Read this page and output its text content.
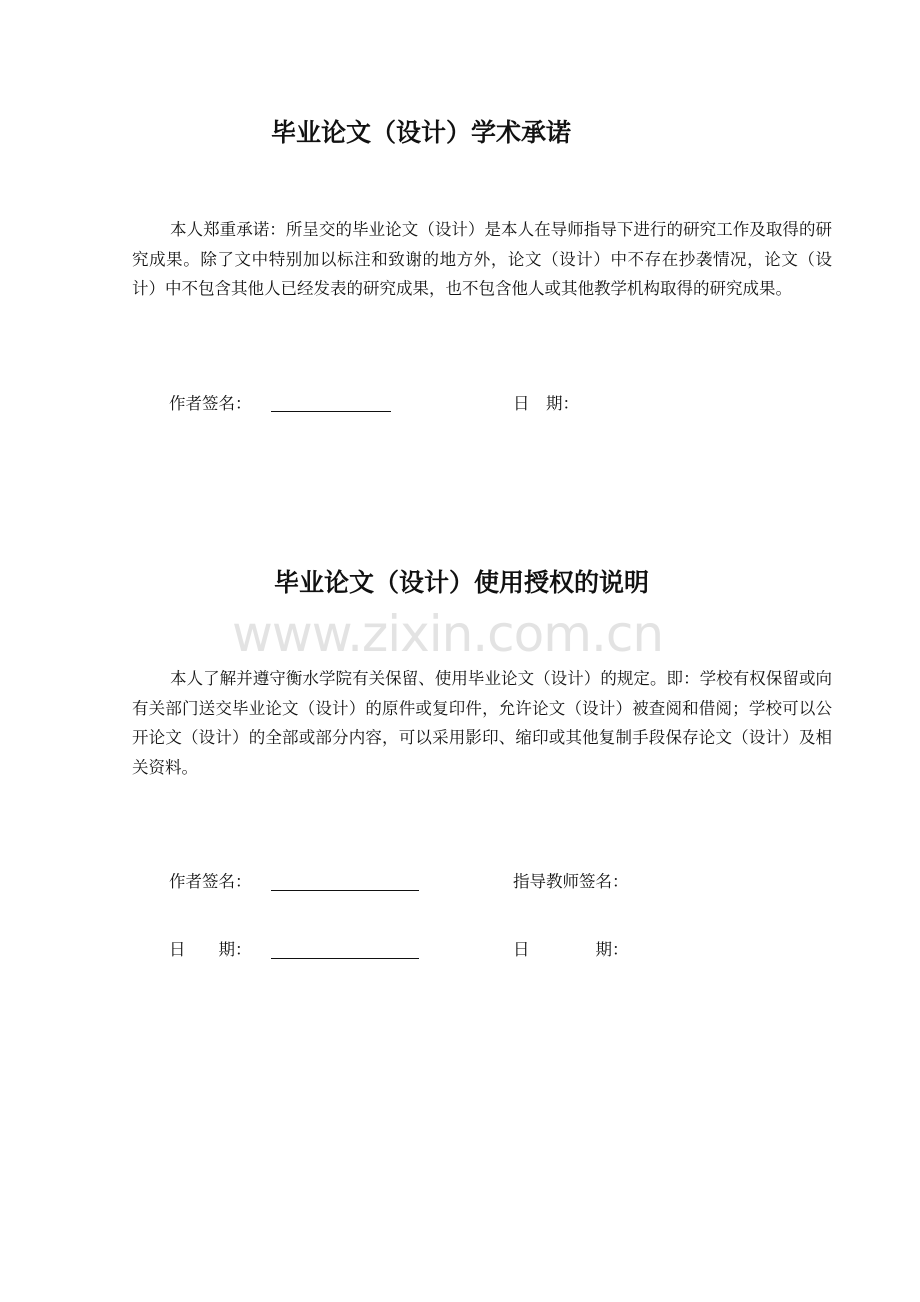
毕业论文（设计）学术承诺

本人郑重承诺：所呈交的毕业论文（设计）是本人在导师指导下进行的研究工作及取得的研究成果。除了文中特别加以标注和致谢的地方外，论文（设计）中不存在抄袭情况，论文（设计）中不包含其他人已经发表的研究成果，也不包含他人或其他教学机构取得的研究成果。

作者签名：	日　期：
www.zixin.com.cn
毕业论文（设计）使用授权的说明

本人了解并遵守衡水学院有关保留、使用毕业论文（设计）的规定。即：学校有权保留或向有关部门送交毕业论文（设计）的原件或复印件，允许论文（设计）被查阅和借阅；学校可以公开论文（设计）的全部或部分内容，可以采用影印、缩印或其他复制手段保存论文（设计）及相关资料。

作者签名：	指导教师签名：
日　　期：	日　　　　期：
